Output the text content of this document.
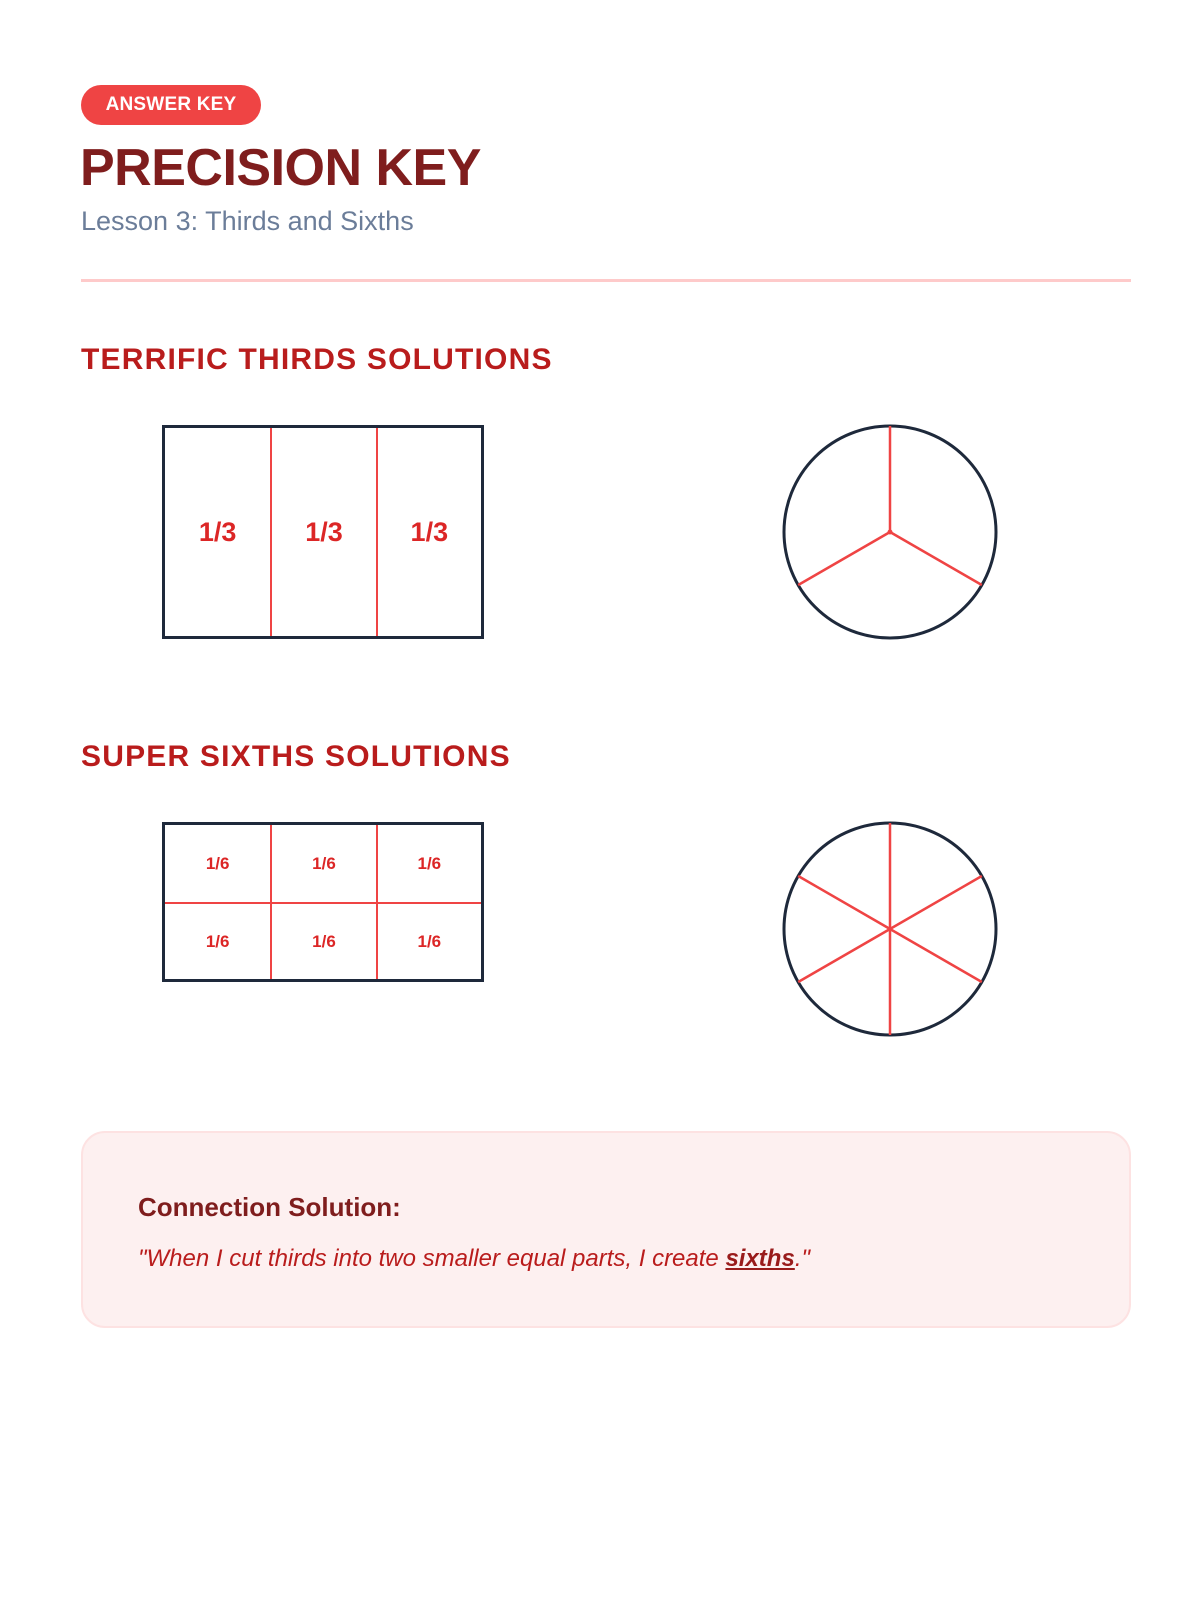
ANSWER KEY
PRECISION KEY
Lesson 3: Thirds and Sixths
TERRIFIC THIRDS SOLUTIONS
1/3	1/3	1/3
SUPER SIXTHS SOLUTIONS
1/6	1/6	1/6
1/6	1/6	1/6
Connection Solution:
"When I cut thirds into two smaller equal parts, I create sixths."
